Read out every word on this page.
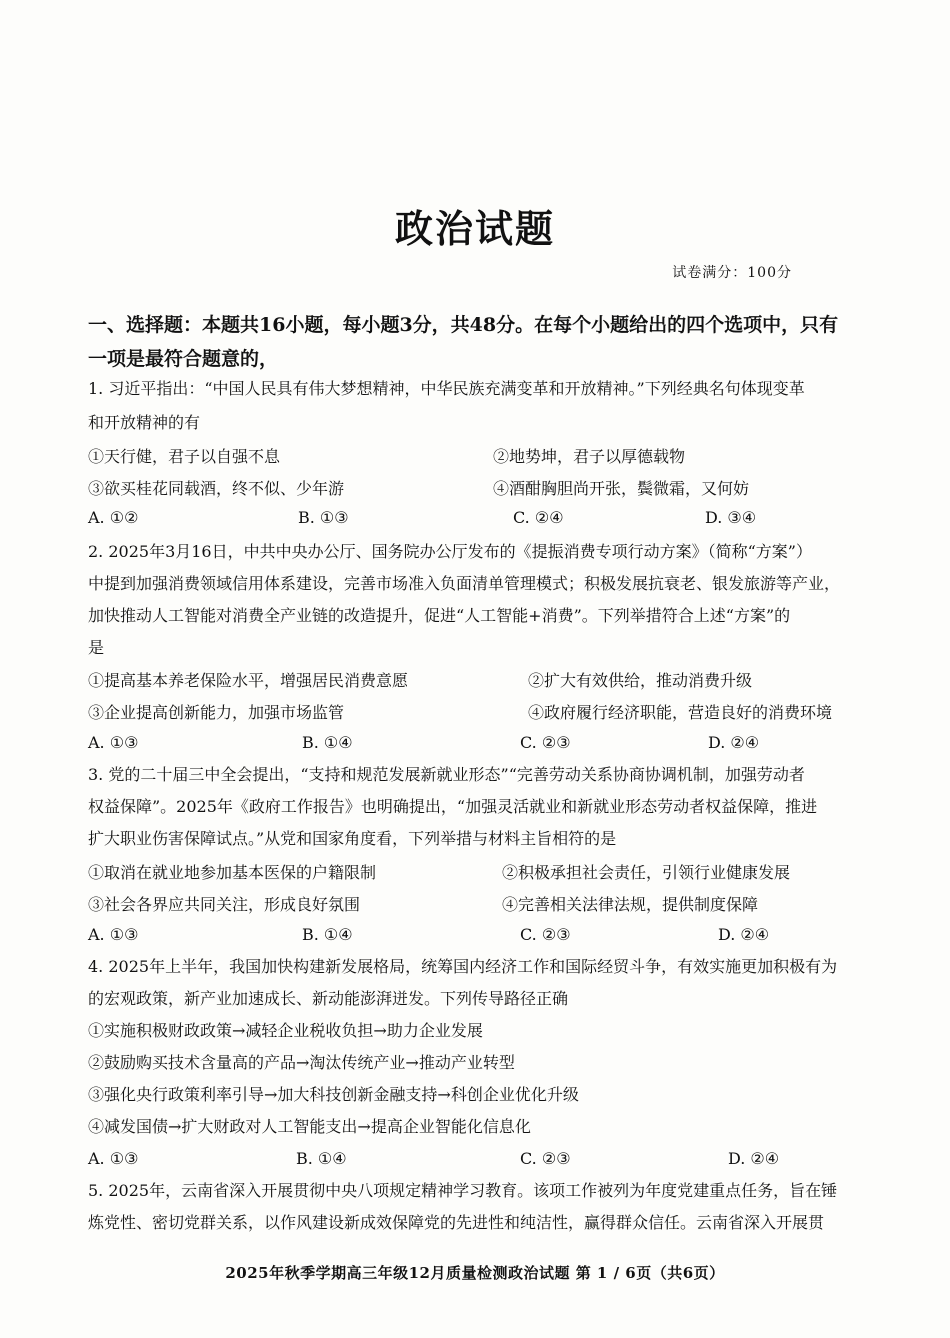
政治试题
试卷满分：100分
一、选择题：本题共16小题，每小题3分，共48分。在每个小题给出的四个选项中，只有
一项是最符合题意的，
1. 习近平指出：“中国人民具有伟大梦想精神，中华民族充满变革和开放精神。”下列经典名句体现变革
和开放精神的有
①天行健，君子以自强不息	②地势坤，君子以厚德载物
③欲买桂花同载酒，终不似、少年游	④酒酣胸胆尚开张，鬓微霜，又何妨
A. ①②	B. ①③	C. ②④	D. ③④
2. 2025年3月16日，中共中央办公厅、国务院办公厅发布的《提振消费专项行动方案》（简称“方案”）
中提到加强消费领域信用体系建设，完善市场准入负面清单管理模式；积极发展抗衰老、银发旅游等产业，
加快推动人工智能对消费全产业链的改造提升，促进“人工智能+消费”。下列举措符合上述“方案”的
是
①提高基本养老保险水平，增强居民消费意愿	②扩大有效供给，推动消费升级
③企业提高创新能力，加强市场监管	④政府履行经济职能，营造良好的消费环境
A. ①③	B. ①④	C. ②③	D. ②④
3. 党的二十届三中全会提出，“支持和规范发展新就业形态”“完善劳动关系协商协调机制，加强劳动者
权益保障”。2025年《政府工作报告》也明确提出，“加强灵活就业和新就业形态劳动者权益保障，推进
扩大职业伤害保障试点。”从党和国家角度看，下列举措与材料主旨相符的是
①取消在就业地参加基本医保的户籍限制	②积极承担社会责任，引领行业健康发展
③社会各界应共同关注，形成良好氛围	④完善相关法律法规，提供制度保障
A. ①③	B. ①④	C. ②③	D. ②④
4. 2025年上半年，我国加快构建新发展格局，统筹国内经济工作和国际经贸斗争，有效实施更加积极有为
的宏观政策，新产业加速成长、新动能澎湃迸发。下列传导路径正确
①实施积极财政政策→减轻企业税收负担→助力企业发展
②鼓励购买技术含量高的产品→淘汰传统产业→推动产业转型
③强化央行政策利率引导→加大科技创新金融支持→科创企业优化升级
④减发国债→扩大财政对人工智能支出→提高企业智能化信息化
A. ①③	B. ①④	C. ②③	D. ②④
5. 2025年，云南省深入开展贯彻中央八项规定精神学习教育。该项工作被列为年度党建重点任务，旨在锤
炼党性、密切党群关系，以作风建设新成效保障党的先进性和纯洁性，赢得群众信任。云南省深入开展贯
2025年秋季学期高三年级12月质量检测政治试题 第 1 / 6页（共6页）
